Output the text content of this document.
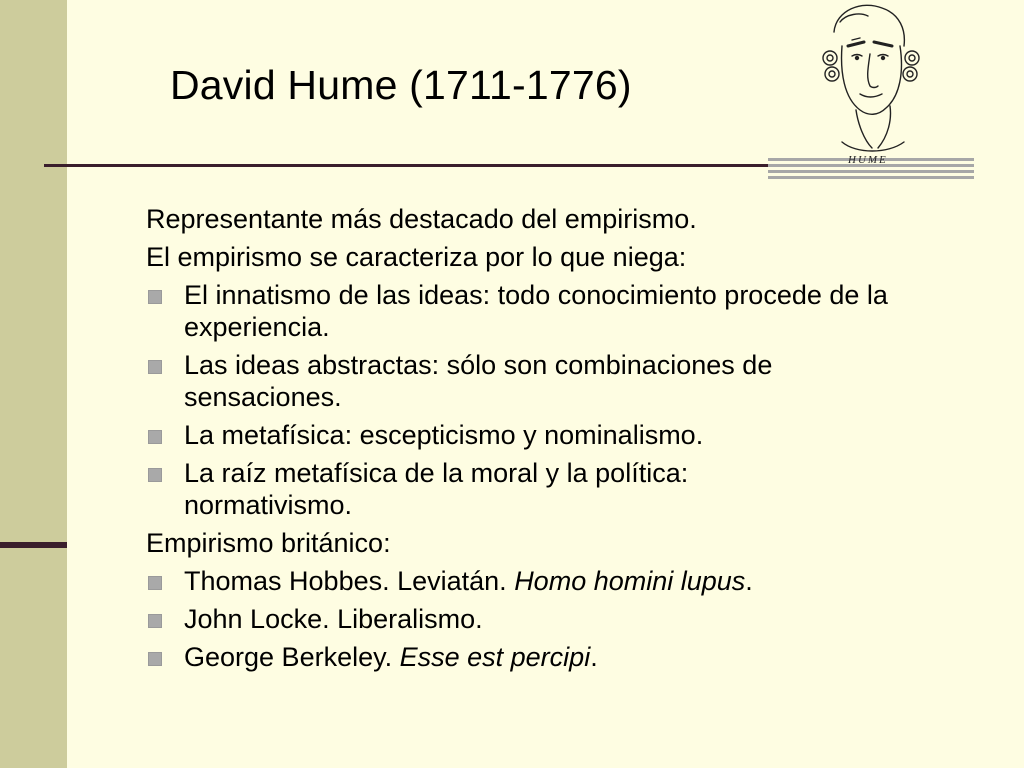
David Hume (1711-1776)
HUME

Representante más destacado del empirismo.

El empirismo se caracteriza por lo que niega:

El innatismo de las ideas: todo conocimiento procede de la experiencia.
Las ideas abstractas: sólo son combinaciones de sensaciones.
La metafísica: escepticismo y nominalismo.
La raíz metafísica de la moral y la política: normativismo.

Empirismo británico:

Thomas Hobbes. Leviatán. Homo homini lupus.
John Locke. Liberalismo.
George Berkeley. Esse est percipi.
